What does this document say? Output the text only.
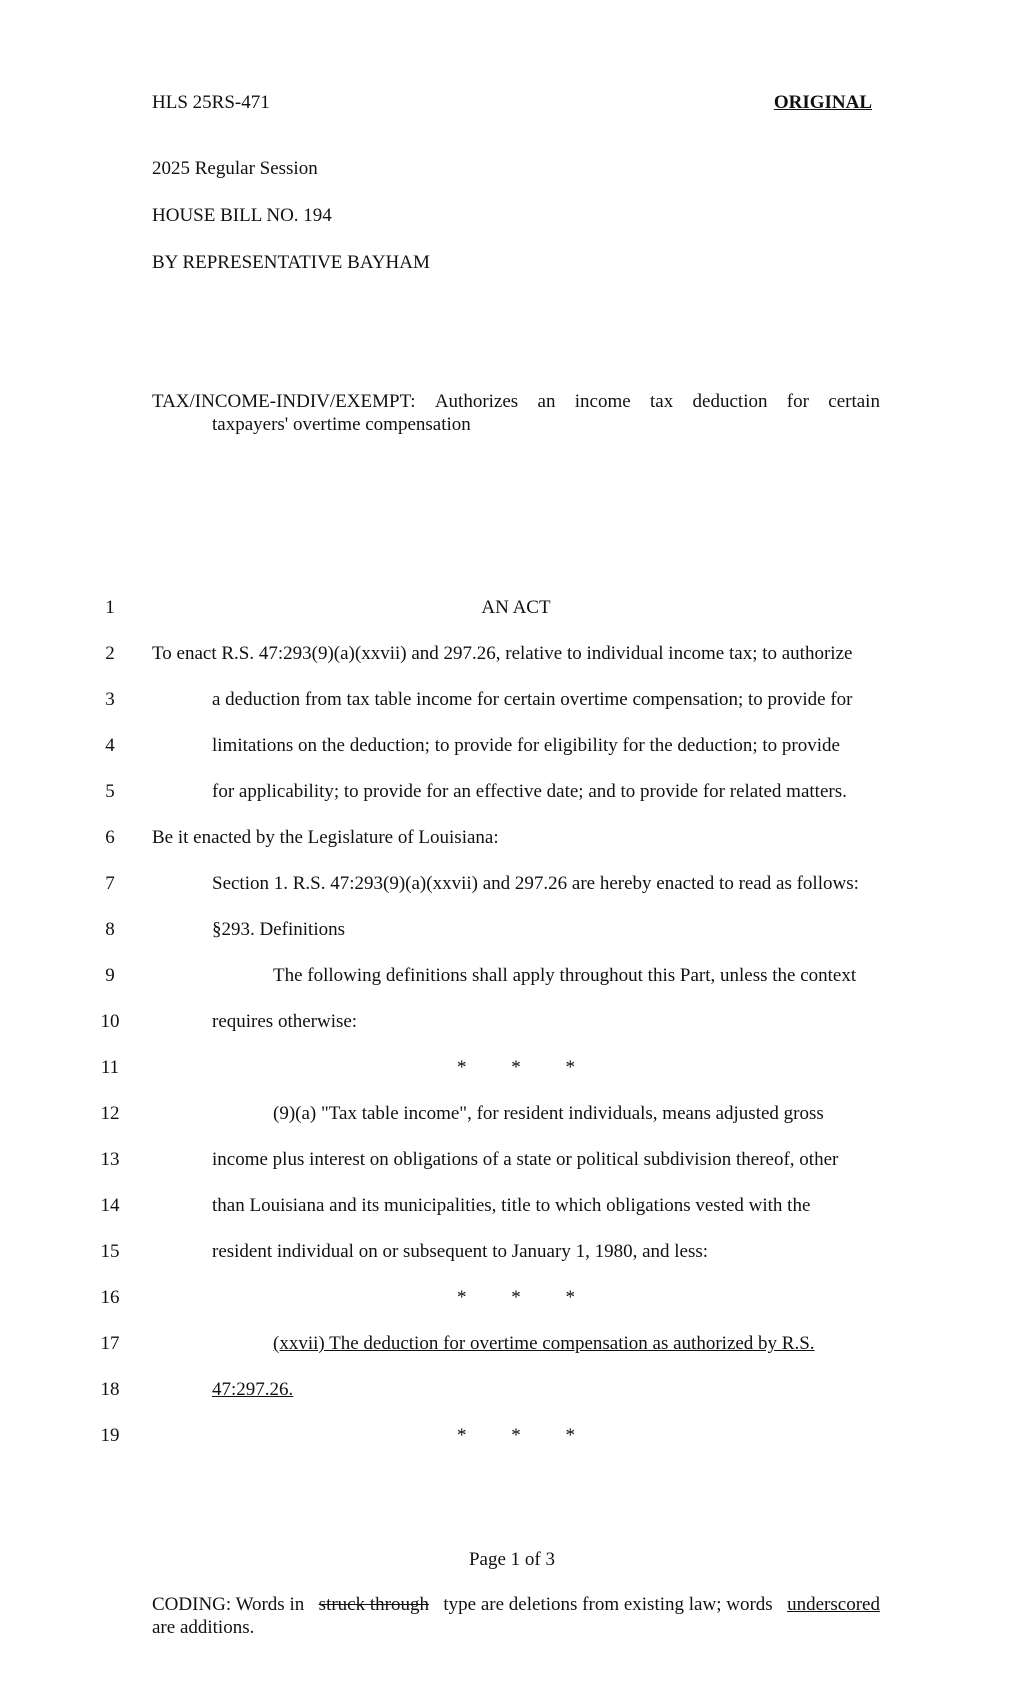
HLS 25RS-471	ORIGINAL
2025 Regular Session
HOUSE BILL NO. 194
BY REPRESENTATIVE BAYHAM
TAX/INCOME-INDIV/EXEMPT: Authorizes an income tax deduction for certain
taxpayers' overtime compensation
1	AN ACT
2	To enact R.S. 47:293(9)(a)(xxvii) and 297.26, relative to individual income tax; to authorize
3	a deduction from tax table income for certain overtime compensation; to provide for
4	limitations on the deduction; to provide for eligibility for the deduction; to provide
5	for applicability; to provide for an effective date; and to provide for related matters.
6	Be it enacted by the Legislature of Louisiana:
7	Section 1. R.S. 47:293(9)(a)(xxvii) and 297.26 are hereby enacted to read as follows:
8	§293. Definitions
9	The following definitions shall apply throughout this Part, unless the context
10	requires otherwise:
11	* * *
12	(9)(a) "Tax table income", for resident individuals, means adjusted gross
13	income plus interest on obligations of a state or political subdivision thereof, other
14	than Louisiana and its municipalities, title to which obligations vested with the
15	resident individual on or subsequent to January 1, 1980, and less:
16	* * *
17	(xxvii) The deduction for overtime compensation as authorized by R.S.
18	47:297.26.
19	* * *
Page 1 of 3
CODING: Words in struck through type are deletions from existing law; words underscored
are additions.
